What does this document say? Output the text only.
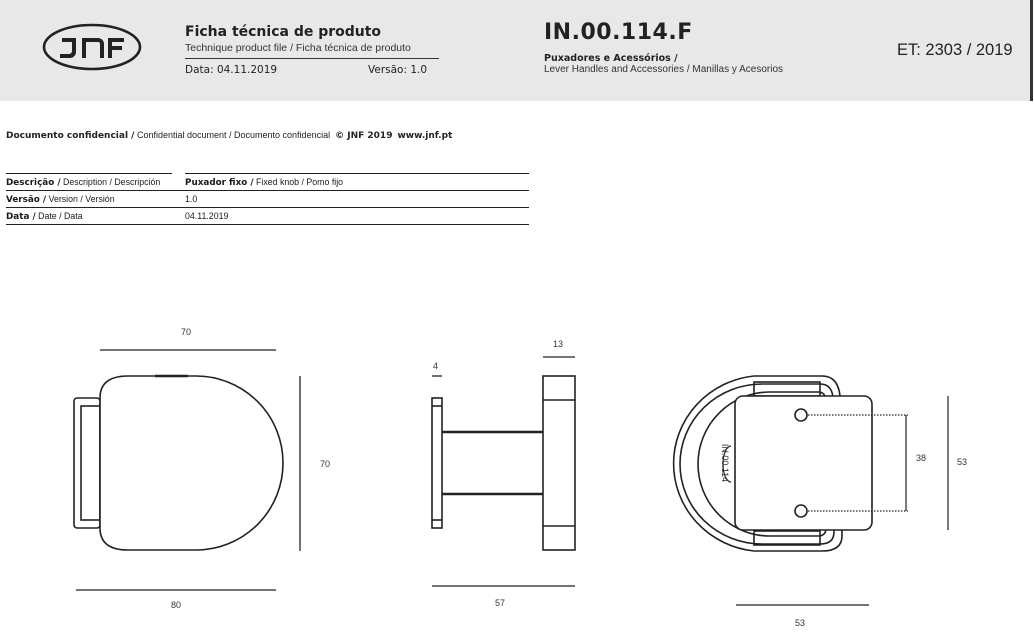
Ficha técnica de produto
Technique product file / Ficha técnica de produto
Data: 04.11.2019	Versão: 1.0
IN.00.114.F
Puxadores e Acessórios /
Lever Handles and Accessories / Manillas y Acesorios
ET: 2303 / 2019
Documento confidencial / Confidential document / Documento confidencial © JNF 2019 www.jnf.pt
Descrição / Description / Descripción	Puxador fixo / Fixed knob / Pomo fijo
Versão / Version / Versión	1.0
Data / Date / Data	04.11.2019
70
70
80
4
13
57
IN.00.114	38	53
53
